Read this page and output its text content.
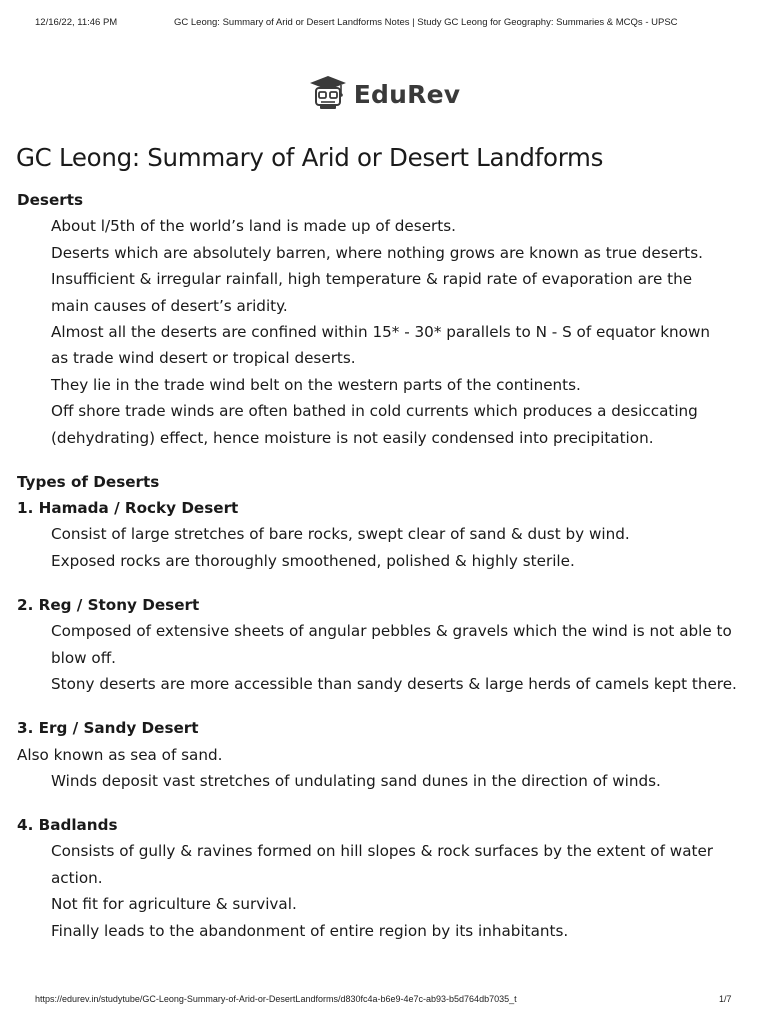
12/16/22, 11:46 PM	GC Leong: Summary of Arid or Desert Landforms Notes | Study GC Leong for Geography: Summaries & MCQs - UPSC
EduRev
GC Leong: Summary of Arid or Desert Landforms
Deserts
About l/5th of the world’s land is made up of deserts.
Deserts which are absolutely barren, where nothing grows are known as true deserts.
Insufficient & irregular rainfall, high temperature & rapid rate of evaporation are the
main causes of desert’s aridity.
Almost all the deserts are confined within 15* - 30* parallels to N - S of equator known
as trade wind desert or tropical deserts.
They lie in the trade wind belt on the western parts of the continents.
Off shore trade winds are often bathed in cold currents which produces a desiccating
(dehydrating) effect, hence moisture is not easily condensed into precipitation.
Types of Deserts
1. Hamada / Rocky Desert
Consist of large stretches of bare rocks, swept clear of sand & dust by wind.
Exposed rocks are thoroughly smoothened, polished & highly sterile.
2. Reg / Stony Desert
Composed of extensive sheets of angular pebbles & gravels which the wind is not able to
blow off.
Stony deserts are more accessible than sandy deserts & large herds of camels kept there.
3. Erg / Sandy Desert
Also known as sea of sand.
Winds deposit vast stretches of undulating sand dunes in the direction of winds.
4. Badlands
Consists of gully & ravines formed on hill slopes & rock surfaces by the extent of water
action.
Not fit for agriculture & survival.
Finally leads to the abandonment of entire region by its inhabitants.
https://edurev.in/studytube/GC-Leong-Summary-of-Arid-or-DesertLandforms/d830fc4a-b6e9-4e7c-ab93-b5d764db7035_t	1/7
